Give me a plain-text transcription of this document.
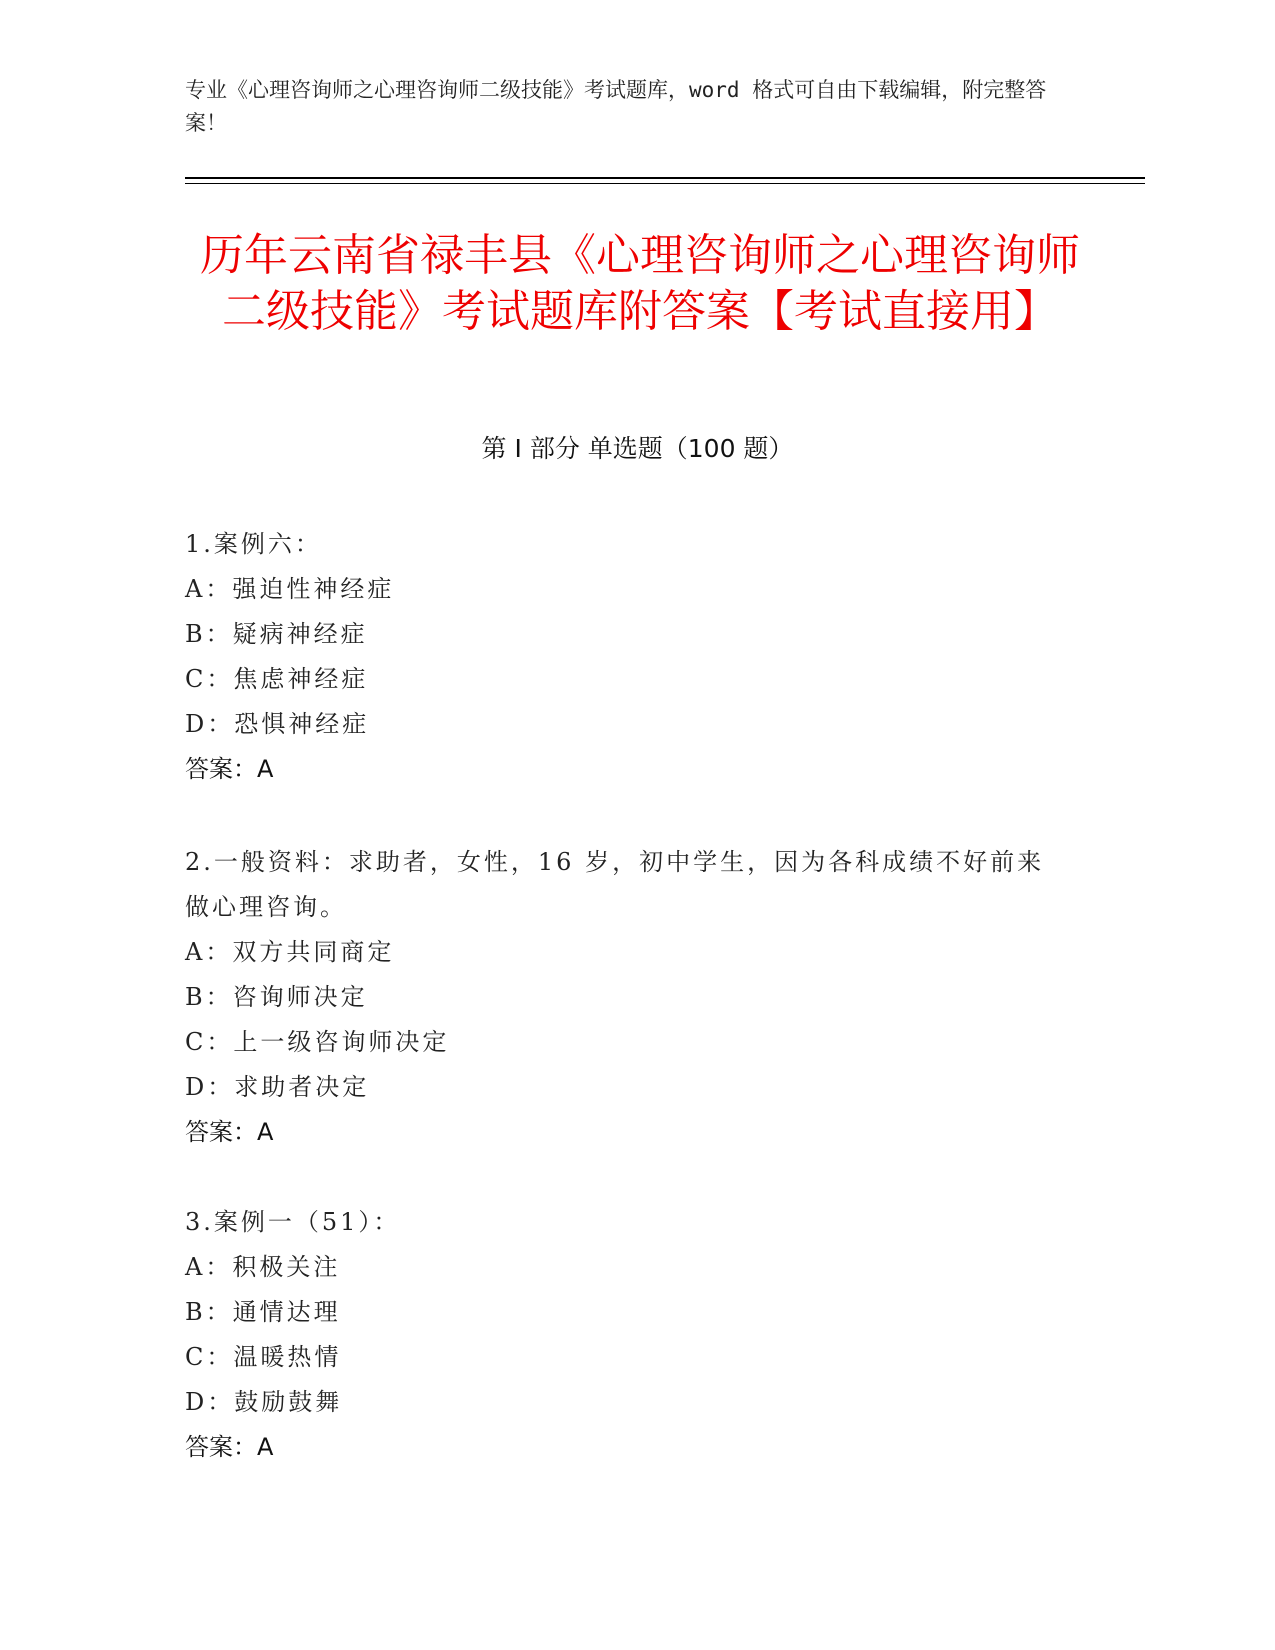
专业《心理咨询师之心理咨询师二级技能》考试题库，word 格式可自由下载编辑，附完整答案！
历年云南省禄丰县《心理咨询师之心理咨询师二级技能》考试题库附答案【考试直接用】
第 I 部分 单选题（100 题）
1.案例六：
A：强迫性神经症
B：疑病神经症
C：焦虑神经症
D：恐惧神经症
答案：A
2.一般资料：求助者，女性，16 岁，初中学生，因为各科成绩不好前来做心理咨询。
A：双方共同商定
B：咨询师决定
C：上一级咨询师决定
D：求助者决定
答案：A
3.案例一（51）：
A：积极关注
B：通情达理
C：温暖热情
D：鼓励鼓舞
答案：A
